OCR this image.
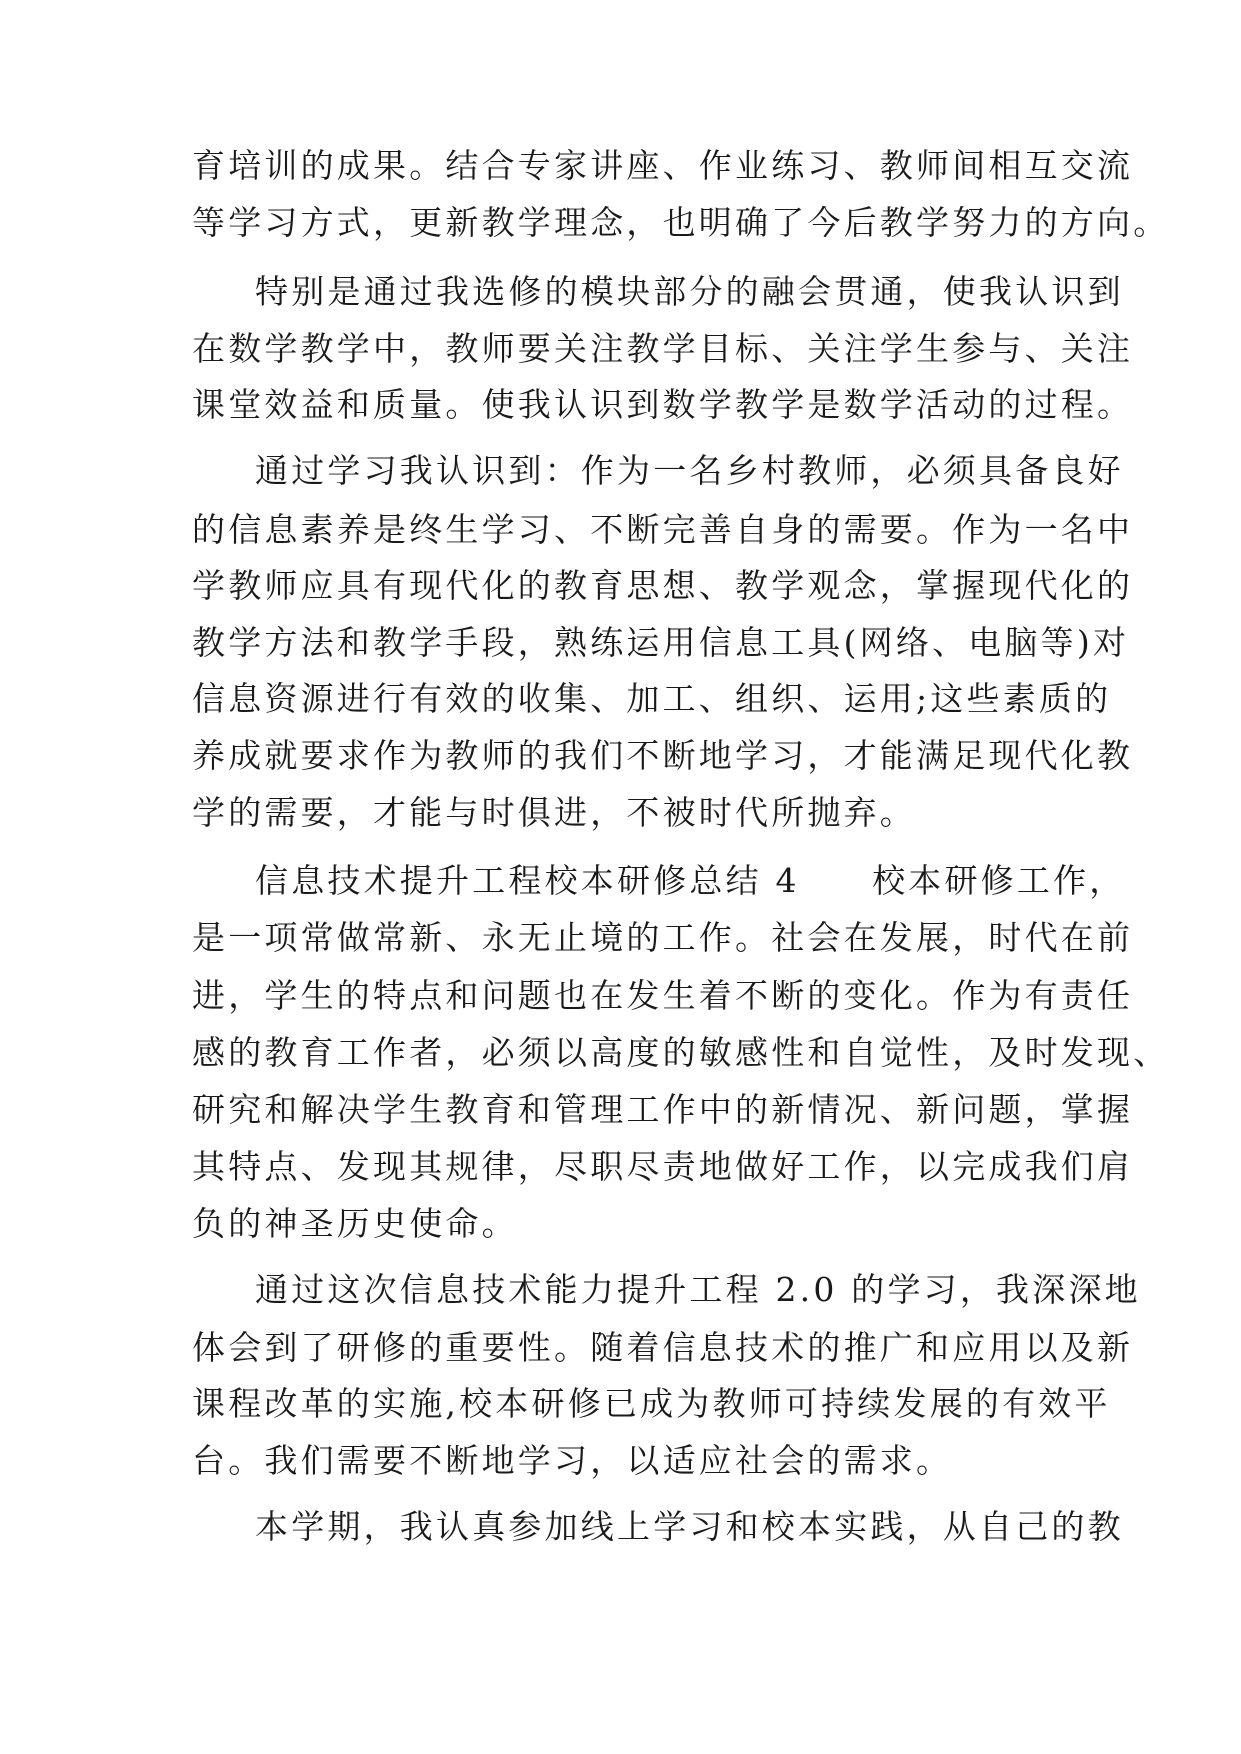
育培训的成果。结合专家讲座、作业练习、教师间相互交流
等学习方式，更新教学理念，也明确了今后教学努力的方向。
特别是通过我选修的模块部分的融会贯通，使我认识到
在数学教学中，教师要关注教学目标、关注学生参与、关注
课堂效益和质量。使我认识到数学教学是数学活动的过程。
通过学习我认识到：作为一名乡村教师，必须具备良好
的信息素养是终生学习、不断完善自身的需要。作为一名中
学教师应具有现代化的教育思想、教学观念，掌握现代化的
教学方法和教学手段，熟练运用信息工具(网络、电脑等)对
信息资源进行有效的收集、加工、组织、运用;这些素质的
养成就要求作为教师的我们不断地学习，才能满足现代化教
学的需要，才能与时俱进，不被时代所抛弃。
信息技术提升工程校本研修总结 4　　校本研修工作，
是一项常做常新、永无止境的工作。社会在发展，时代在前
进，学生的特点和问题也在发生着不断的变化。作为有责任
感的教育工作者，必须以高度的敏感性和自觉性，及时发现、
研究和解决学生教育和管理工作中的新情况、新问题，掌握
其特点、发现其规律，尽职尽责地做好工作，以完成我们肩
负的神圣历史使命。
通过这次信息技术能力提升工程 2.0 的学习，我深深地
体会到了研修的重要性。随着信息技术的推广和应用以及新
课程改革的实施,校本研修已成为教师可持续发展的有效平
台。我们需要不断地学习，以适应社会的需求。
本学期，我认真参加线上学习和校本实践，从自己的教
